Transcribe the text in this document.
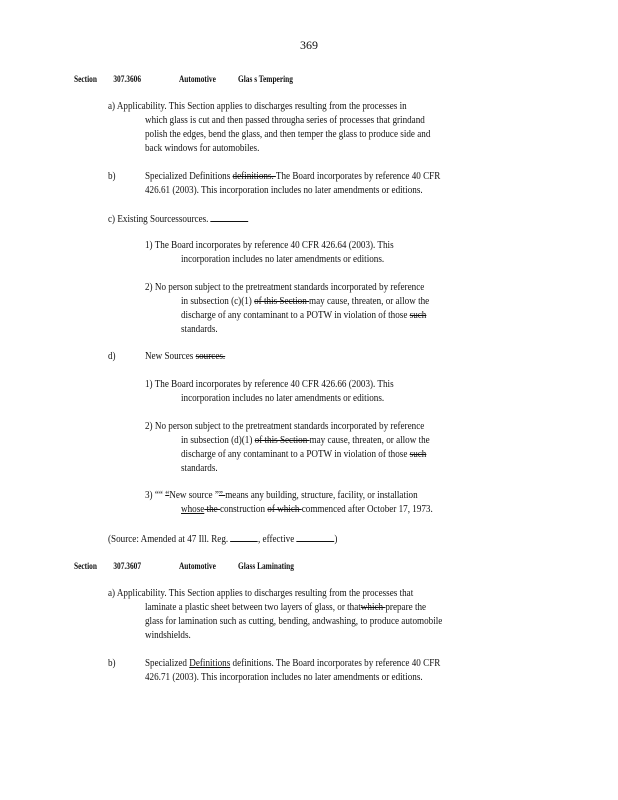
369
Section 307.3606	Automotive Glas s Tempering
a) Applicability. This Section applies to discharges resulting from the processes in
which glass is cut and then passed througha series of processes that grindand
polish the edges, bend the glass, and then temper the glass to produce side and
back windows for automobiles.
b)	Specialized Definitions definitions. The Board incorporates by reference 40 CFR
426.61 (2003). This incorporation includes no later amendments or editions.
c) Existing Sourcessources.
1) The Board incorporates by reference 40 CFR 426.64 (2003). This
incorporation includes no later amendments or editions.
2) No person subject to the pretreatment standards incorporated by reference
in subsection (c)(1) of this Section may cause, threaten, or allow the
discharge of any contaminant to a POTW in violation of those such
standards.
d)	New Sources sources.
1) The Board incorporates by reference 40 CFR 426.66 (2003). This
incorporation includes no later amendments or editions.
2) No person subject to the pretreatment standards incorporated by reference
in subsection (d)(1) of this Section may cause, threaten, or allow the
discharge of any contaminant to a POTW in violation of those such
standards.
3) ““ “New source ”” means any building, structure, facility, or installation
whose the construction of which commenced after October 17, 1973.
(Source: Amended at 47 Ill. Reg.	, effective	)
Section 307.3607	Automotive Glass Laminating
a) Applicability. This Section applies to discharges resulting from the processes that
laminate a plastic sheet between two layers of glass, or thatwhich prepare the
glass for lamination such as cutting, bending, andwashing, to produce automobile
windshields.
b)	Specialized Definitions definitions. The Board incorporates by reference 40 CFR
426.71 (2003). This incorporation includes no later amendments or editions.
